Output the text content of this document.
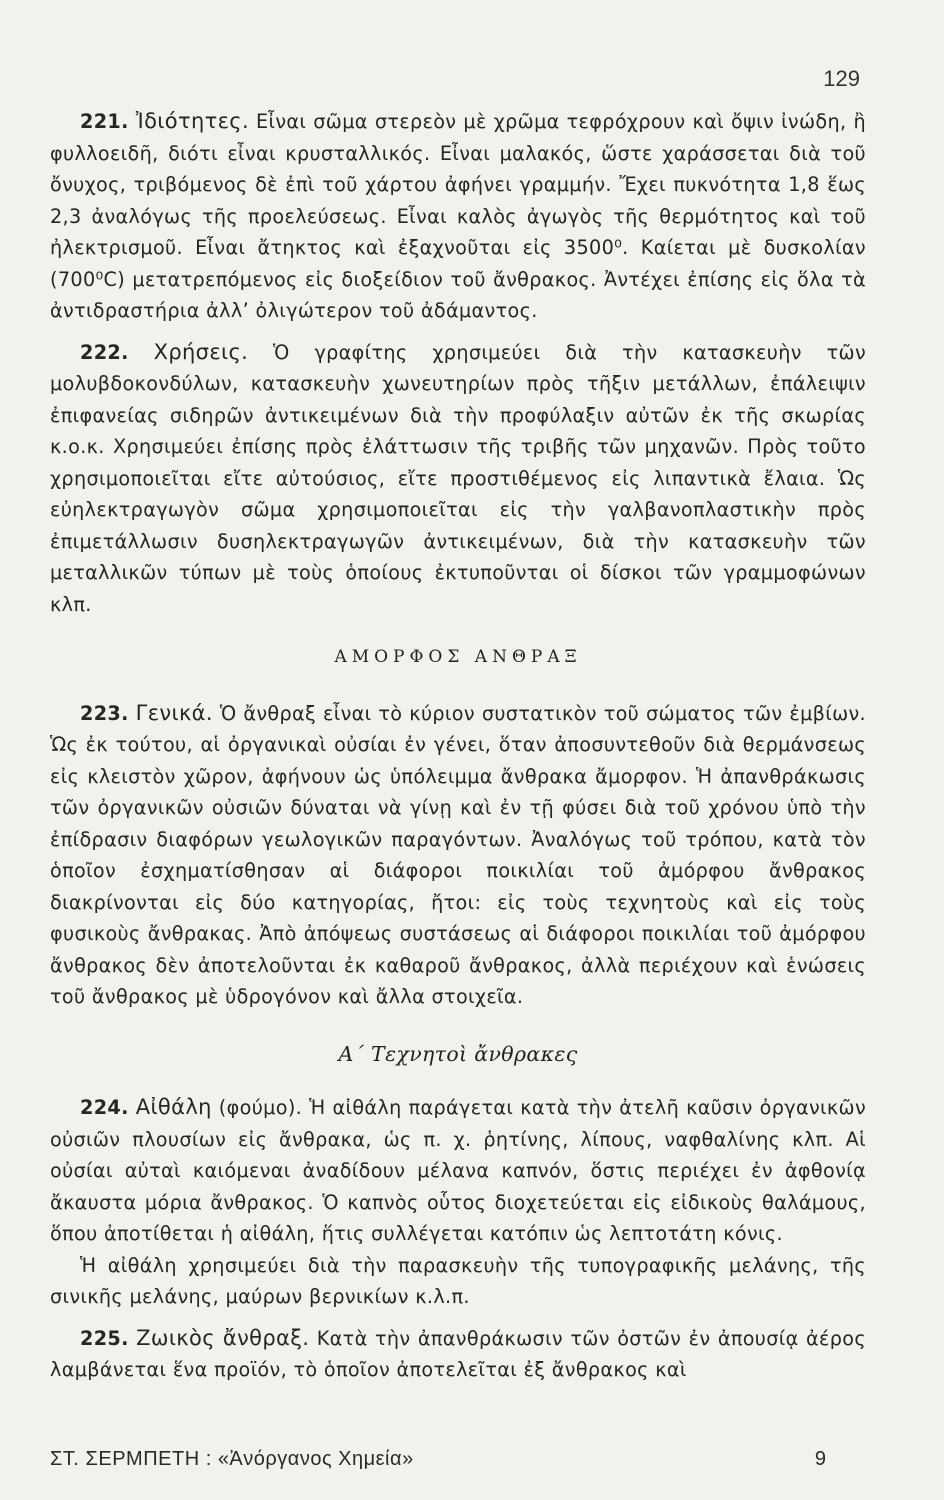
129

221. Ἰδιότητες. Εἶναι σῶμα στερεὸν μὲ χρῶμα τεφρόχρουν καὶ ὄψιν ἰνώδη, ἢ φυλλοειδῆ, διότι εἶναι κρυσταλλικός. Εἶναι μαλακός, ὥστε χαράσσεται διὰ τοῦ ὄνυχος, τριβόμενος δὲ ἐπὶ τοῦ χάρτου ἀφήνει γραμμήν. Ἔχει πυκνότητα 1,8 ἕως 2,3 ἀναλόγως τῆς προελεύσεως. Εἶναι καλὸς ἀγωγὸς τῆς θερμότητος καὶ τοῦ ἠλεκτρισμοῦ. Εἶναι ἄτηκτος καὶ ἐξαχνοῦται εἰς 3500⁰. Καίεται μὲ δυσκολίαν (700⁰C) μετατρεπόμενος εἰς διοξείδιον τοῦ ἄνθρακος. Ἀντέχει ἐπίσης εἰς ὅλα τὰ ἀντιδραστήρια ἀλλ’ ὀλιγώτερον τοῦ ἀδάμαντος.

222. Χρήσεις. Ὁ γραφίτης χρησιμεύει διὰ τὴν κατασκευὴν τῶν μολυβδοκονδύλων, κατασκευὴν χωνευτηρίων πρὸς τῆξιν μετάλλων, ἐπάλειψιν ἐπιφανείας σιδηρῶν ἀντικειμένων διὰ τὴν προφύλαξιν αὐτῶν ἐκ τῆς σκωρίας κ.ο.κ. Χρησιμεύει ἐπίσης πρὸς ἐλάττωσιν τῆς τριβῆς τῶν μηχανῶν. Πρὸς τοῦτο χρησιμοποιεῖται εἴτε αὐτούσιος, εἴτε προστιθέμενος εἰς λιπαντικὰ ἔλαια. Ὡς εὐηλεκτραγωγὸν σῶμα χρησιμοποιεῖται εἰς τὴν γαλβανοπλαστικὴν πρὸς ἐπιμετάλλωσιν δυσηλεκτραγωγῶν ἀντικειμένων, διὰ τὴν κατασκευὴν τῶν μεταλλικῶν τύπων μὲ τοὺς ὁποίους ἐκτυποῦνται οἱ δίσκοι τῶν γραμμοφώνων κλπ.

ΑΜΟΡΦΟΣ ΑΝΘΡΑΞ

223. Γενικά. Ὁ ἄνθραξ εἶναι τὸ κύριον συστατικὸν τοῦ σώματος τῶν ἐμβίων. Ὡς ἐκ τούτου, αἱ ὀργανικαὶ οὐσίαι ἐν γένει, ὅταν ἀποσυντεθοῦν διὰ θερμάνσεως εἰς κλειστὸν χῶρον, ἀφήνουν ὡς ὑπόλειμμα ἄνθρακα ἄμορφον. Ἡ ἀπανθράκωσις τῶν ὀργανικῶν οὐσιῶν δύναται νὰ γίνῃ καὶ ἐν τῇ φύσει διὰ τοῦ χρόνου ὑπὸ τὴν ἐπίδρασιν διαφόρων γεωλογικῶν παραγόντων. Ἀναλόγως τοῦ τρόπου, κατὰ τὸν ὁποῖον ἐσχηματίσθησαν αἱ διάφοροι ποικιλίαι τοῦ ἀμόρφου ἄνθρακος διακρίνονται εἰς δύο κατηγορίας, ἤτοι: εἰς τοὺς τεχνητοὺς καὶ εἰς τοὺς φυσικοὺς ἄνθρακας. Ἀπὸ ἀπόψεως συστάσεως αἱ διάφοροι ποικιλίαι τοῦ ἀμόρφου ἄνθρακος δὲν ἀποτελοῦνται ἐκ καθαροῦ ἄνθρακος, ἀλλὰ περιέχουν καὶ ἑνώσεις τοῦ ἄνθρακος μὲ ὑδρογόνον καὶ ἄλλα στοιχεῖα.

Α΄ Τεχνητοὶ ἄνθρακες

224. Αἰθάλη (φούμο). Ἡ αἰθάλη παράγεται κατὰ τὴν ἀτελῆ καῦσιν ὀργανικῶν οὐσιῶν πλουσίων εἰς ἄνθρακα, ὡς π. χ. ῥητίνης, λίπους, ναφθαλίνης κλπ. Αἱ οὐσίαι αὐταὶ καιόμεναι ἀναδίδουν μέλανα καπνόν, ὅστις περιέχει ἐν ἀφθονίᾳ ἄκαυστα μόρια ἄνθρακος. Ὁ καπνὸς οὗτος διοχετεύεται εἰς εἰδικοὺς θαλάμους, ὅπου ἀποτίθεται ἡ αἰθάλη, ἥτις συλλέγεται κατόπιν ὡς λεπτοτάτη κόνις.

Ἡ αἰθάλη χρησιμεύει διὰ τὴν παρασκευὴν τῆς τυπογραφικῆς μελάνης, τῆς σινικῆς μελάνης, μαύρων βερνικίων κ.λ.π.

225. Ζωικὸς ἄνθραξ. Κατὰ τὴν ἀπανθράκωσιν τῶν ὀστῶν ἐν ἀπουσίᾳ ἀέρος λαμβάνεται ἕνα προϊόν, τὸ ὁποῖον ἀποτελεῖται ἐξ ἄνθρακος καὶ

ΣΤ. ΣΕΡΜΠΕΤΗ : «Ἀνόργανος Χημεία»	9
